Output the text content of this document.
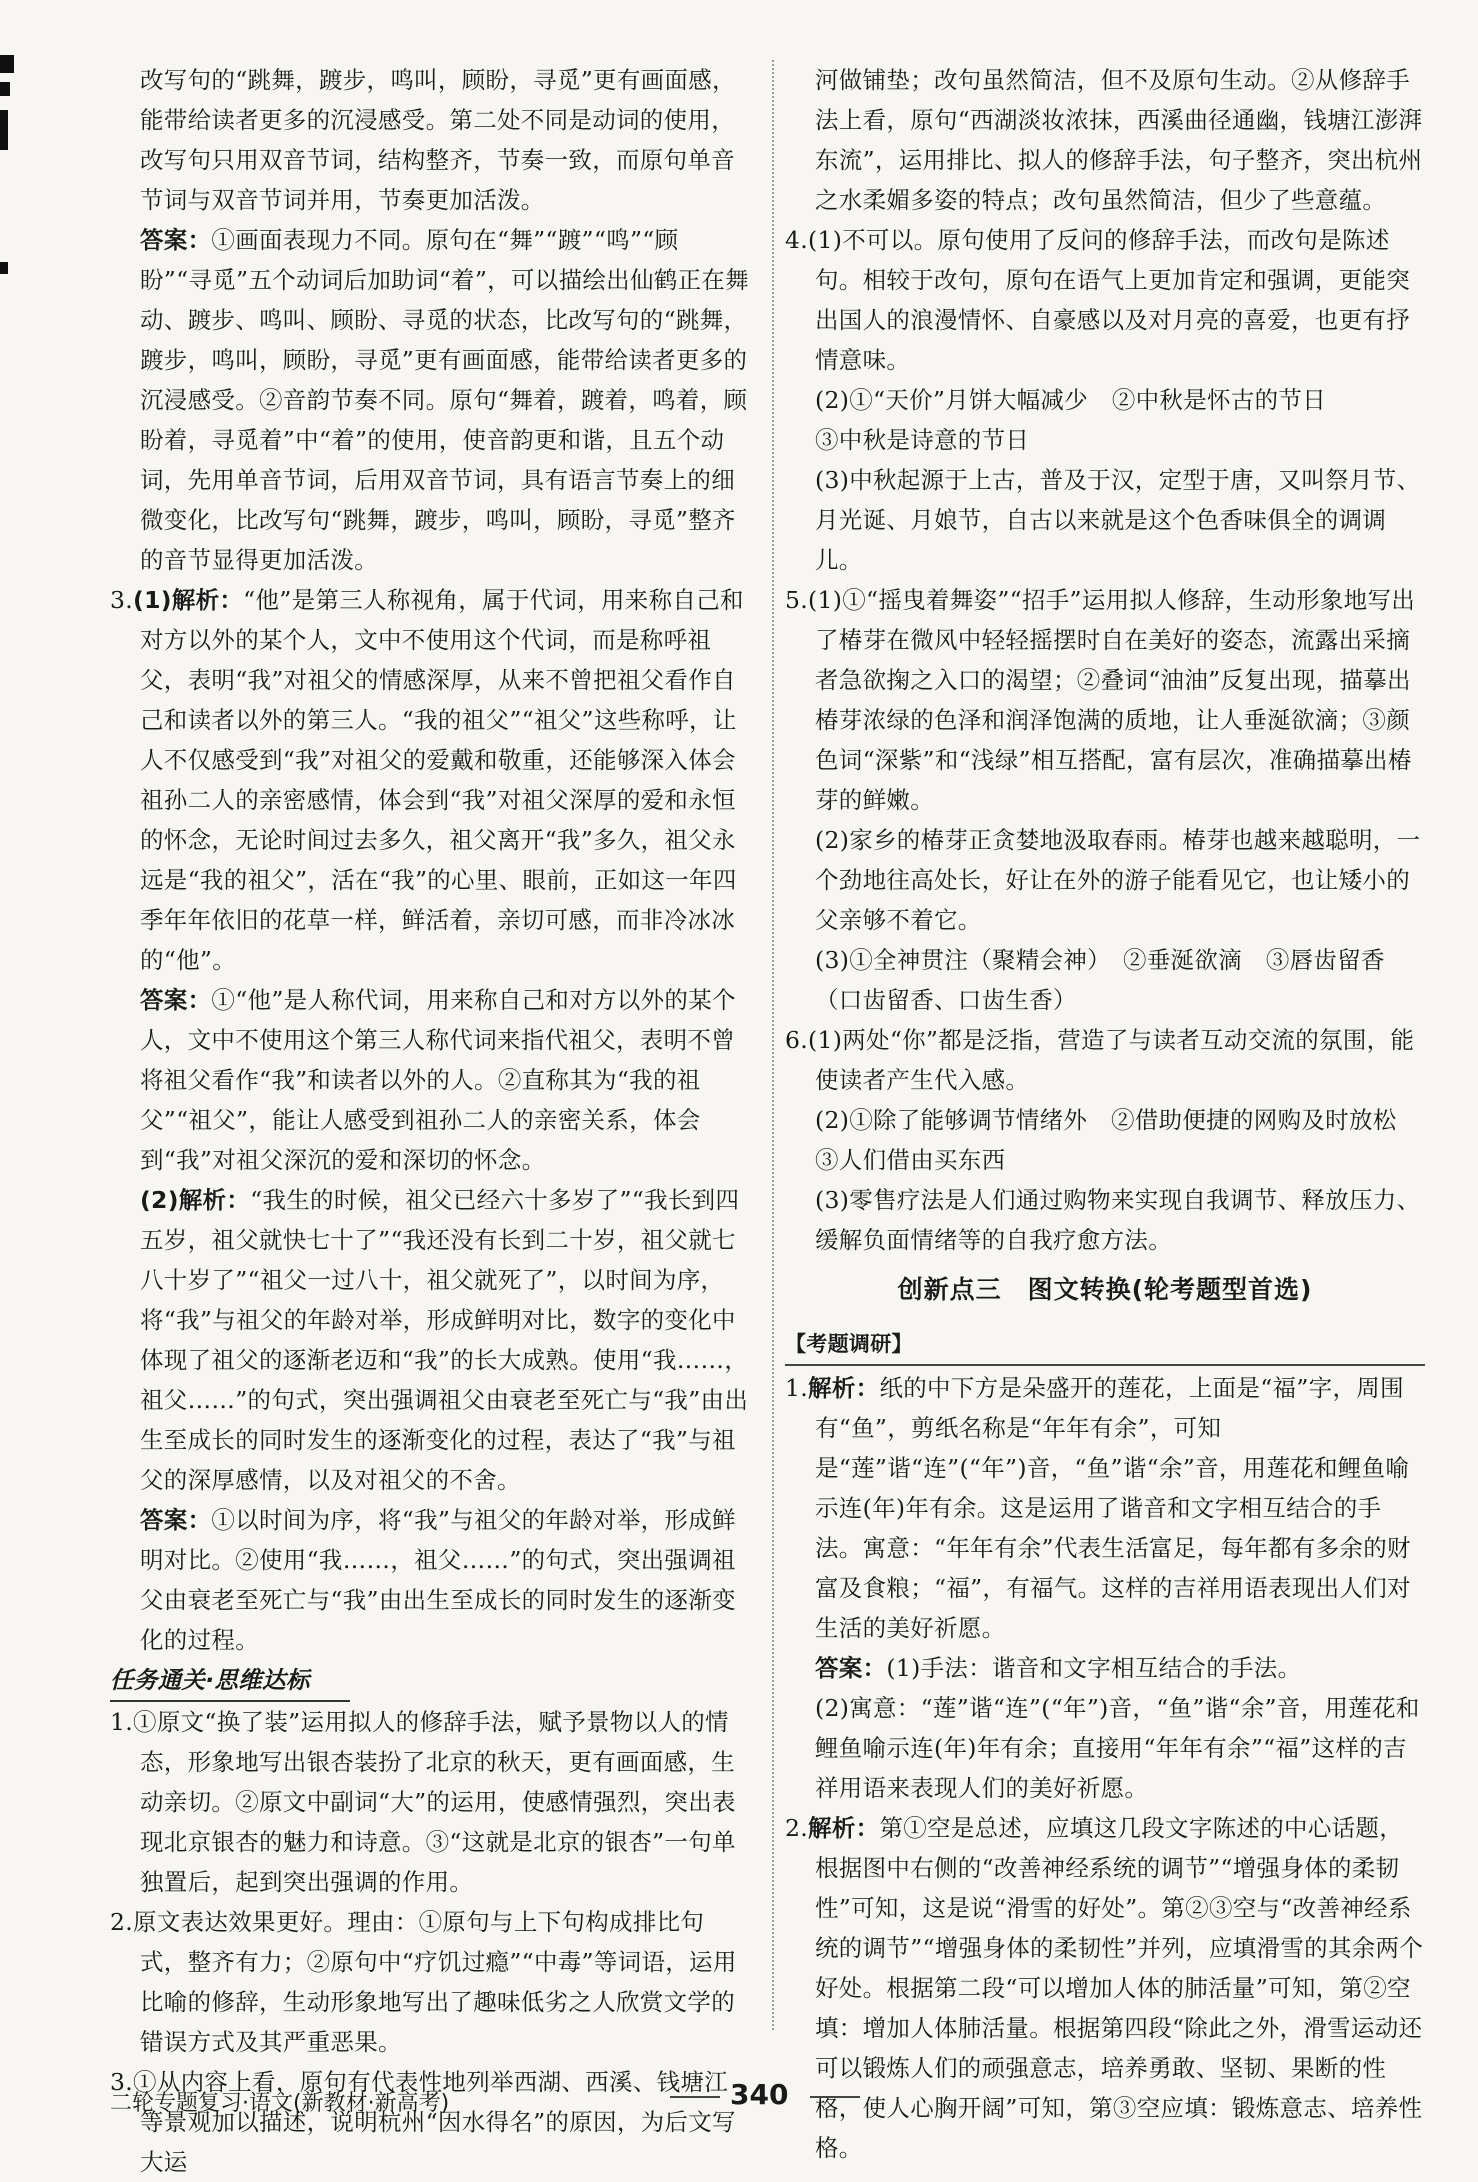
改写句的“跳舞，踱步，鸣叫，顾盼，寻觅”更有画面感，能带给读者更多的沉浸感受。第二处不同是动词的使用，改写句只用双音节词，结构整齐，节奏一致，而原句单音节词与双音节词并用，节奏更加活泼。

答案：①画面表现力不同。原句在“舞”“踱”“鸣”“顾盼”“寻觅”五个动词后加助词“着”，可以描绘出仙鹤正在舞动、踱步、鸣叫、顾盼、寻觅的状态，比改写句的“跳舞，踱步，鸣叫，顾盼，寻觅”更有画面感，能带给读者更多的沉浸感受。②音韵节奏不同。原句“舞着，踱着，鸣着，顾盼着，寻觅着”中“着”的使用，使音韵更和谐，且五个动词，先用单音节词，后用双音节词，具有语言节奏上的细微变化，比改写句“跳舞，踱步，鸣叫，顾盼，寻觅”整齐的音节显得更加活泼。

3.(1)解析：“他”是第三人称视角，属于代词，用来称自己和对方以外的某个人，文中不使用这个代词，而是称呼祖父，表明“我”对祖父的情感深厚，从来不曾把祖父看作自己和读者以外的第三人。“我的祖父”“祖父”这些称呼，让人不仅感受到“我”对祖父的爱戴和敬重，还能够深入体会祖孙二人的亲密感情，体会到“我”对祖父深厚的爱和永恒的怀念，无论时间过去多久，祖父离开“我”多久，祖父永远是“我的祖父”，活在“我”的心里、眼前，正如这一年四季年年依旧的花草一样，鲜活着，亲切可感，而非冷冰冰的“他”。

答案：①“他”是人称代词，用来称自己和对方以外的某个人，文中不使用这个第三人称代词来指代祖父，表明不曾将祖父看作“我”和读者以外的人。②直称其为“我的祖父”“祖父”，能让人感受到祖孙二人的亲密关系，体会到“我”对祖父深沉的爱和深切的怀念。

(2)解析：“我生的时候，祖父已经六十多岁了”“我长到四五岁，祖父就快七十了”“我还没有长到二十岁，祖父就七八十岁了”“祖父一过八十，祖父就死了”，以时间为序，将“我”与祖父的年龄对举，形成鲜明对比，数字的变化中体现了祖父的逐渐老迈和“我”的长大成熟。使用“我……，祖父……”的句式，突出强调祖父由衰老至死亡与“我”由出生至成长的同时发生的逐渐变化的过程，表达了“我”与祖父的深厚感情，以及对祖父的不舍。

答案：①以时间为序，将“我”与祖父的年龄对举，形成鲜明对比。②使用“我……，祖父……”的句式，突出强调祖父由衰老至死亡与“我”由出生至成长的同时发生的逐渐变化的过程。

任务通关·思维达标

1.①原文“换了装”运用拟人的修辞手法，赋予景物以人的情态，形象地写出银杏装扮了北京的秋天，更有画面感，生动亲切。②原文中副词“大”的运用，使感情强烈，突出表现北京银杏的魅力和诗意。③“这就是北京的银杏”一句单独置后，起到突出强调的作用。

2.原文表达效果更好。理由：①原句与上下句构成排比句式，整齐有力；②原句中“疗饥过瘾”“中毒”等词语，运用比喻的修辞，生动形象地写出了趣味低劣之人欣赏文学的错误方式及其严重恶果。

3.①从内容上看，原句有代表性地列举西湖、西溪、钱塘江等景观加以描述，说明杭州“因水得名”的原因，为后文写大运

河做铺垫；改句虽然简洁，但不及原句生动。②从修辞手法上看，原句“西湖淡妆浓抹，西溪曲径通幽，钱塘江澎湃东流”，运用排比、拟人的修辞手法，句子整齐，突出杭州之水柔媚多姿的特点；改句虽然简洁，但少了些意蕴。

4.(1)不可以。原句使用了反问的修辞手法，而改句是陈述句。相较于改句，原句在语气上更加肯定和强调，更能突出国人的浪漫情怀、自豪感以及对月亮的喜爱，也更有抒情意味。

(2)①“天价”月饼大幅减少　②中秋是怀古的节日

③中秋是诗意的节日

(3)中秋起源于上古，普及于汉，定型于唐，又叫祭月节、月光诞、月娘节，自古以来就是这个色香味俱全的调调儿。

5.(1)①“摇曳着舞姿”“招手”运用拟人修辞，生动形象地写出了椿芽在微风中轻轻摇摆时自在美好的姿态，流露出采摘者急欲掬之入口的渴望；②叠词“油油”反复出现，描摹出椿芽浓绿的色泽和润泽饱满的质地，让人垂涎欲滴；③颜色词“深紫”和“浅绿”相互搭配，富有层次，准确描摹出椿芽的鲜嫩。

(2)家乡的椿芽正贪婪地汲取春雨。椿芽也越来越聪明，一个劲地往高处长，好让在外的游子能看见它，也让矮小的父亲够不着它。

(3)①全神贯注（聚精会神）　②垂涎欲滴　③唇齿留香（口齿留香、口齿生香）

6.(1)两处“你”都是泛指，营造了与读者互动交流的氛围，能使读者产生代入感。

(2)①除了能够调节情绪外　②借助便捷的网购及时放松

③人们借由买东西

(3)零售疗法是人们通过购物来实现自我调节、释放压力、缓解负面情绪等的自我疗愈方法。

创新点三　图文转换(轮考题型首选)
【考题调研】

1.解析：纸的中下方是朵盛开的莲花，上面是“福”字，周围有“鱼”，剪纸名称是“年年有余”，可知是“莲”谐“连”(“年”)音，“鱼”谐“余”音，用莲花和鲤鱼喻示连(年)年有余。这是运用了谐音和文字相互结合的手法。寓意：“年年有余”代表生活富足，每年都有多余的财富及食粮；“福”，有福气。这样的吉祥用语表现出人们对生活的美好祈愿。

答案：(1)手法：谐音和文字相互结合的手法。

(2)寓意：“莲”谐“连”(“年”)音，“鱼”谐“余”音，用莲花和鲤鱼喻示连(年)年有余；直接用“年年有余”“福”这样的吉祥用语来表现人们的美好祈愿。

2.解析：第①空是总述，应填这几段文字陈述的中心话题，根据图中右侧的“改善神经系统的调节”“增强身体的柔韧性”可知，这是说“滑雪的好处”。第②③空与“改善神经系统的调节”“增强身体的柔韧性”并列，应填滑雪的其余两个好处。根据第二段“可以增加人体的肺活量”可知，第②空填：增加人体肺活量。根据第四段“除此之外，滑雪运动还可以锻炼人们的顽强意志，培养勇敢、坚韧、果断的性格，使人心胸开阔”可知，第③空应填：锻炼意志、培养性格。

二轮专题复习·语文(新教材·新高考)	340
